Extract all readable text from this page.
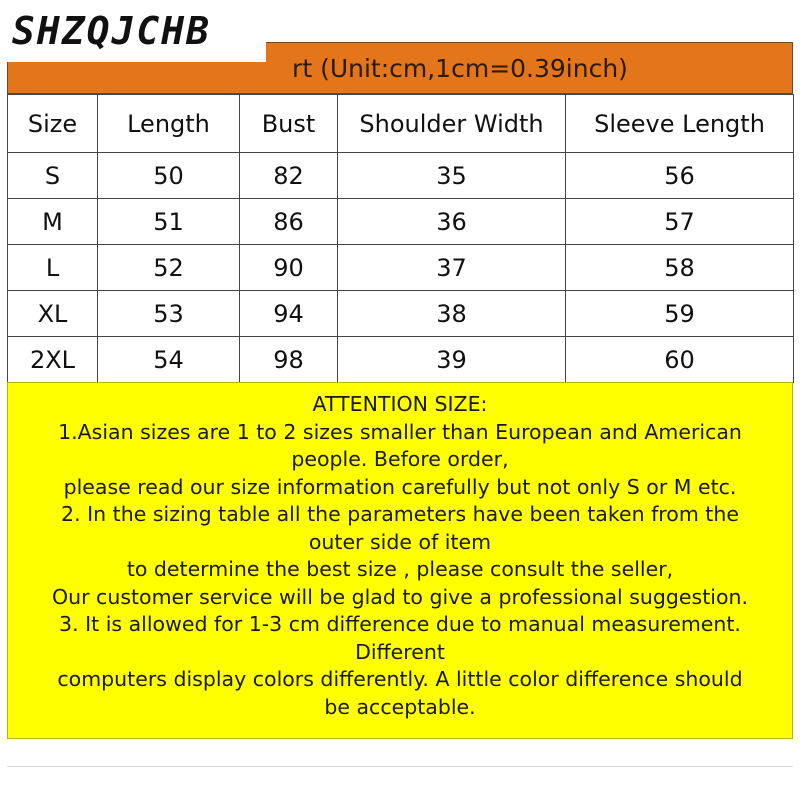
SHZQJCHB
rt (Unit:cm,1cm=0.39inch)
Size	Length	Bust	Shoulder Width	Sleeve Length
S	50	82	35	56
M	51	86	36	57
L	52	90	37	58
XL	53	94	38	59
2XL	54	98	39	60
ATTENTION SIZE:
1.Asian sizes are 1 to 2 sizes smaller than European and American
people. Before order,
please read our size information carefully but not only S or M etc.
2. In the sizing table all the parameters have been taken from the
outer side of item
to determine the best size , please consult the seller,
Our customer service will be glad to give a professional suggestion.
3. It is allowed for 1-3 cm difference due to manual measurement.
Different
computers display colors differently. A little color difference should
be acceptable.
